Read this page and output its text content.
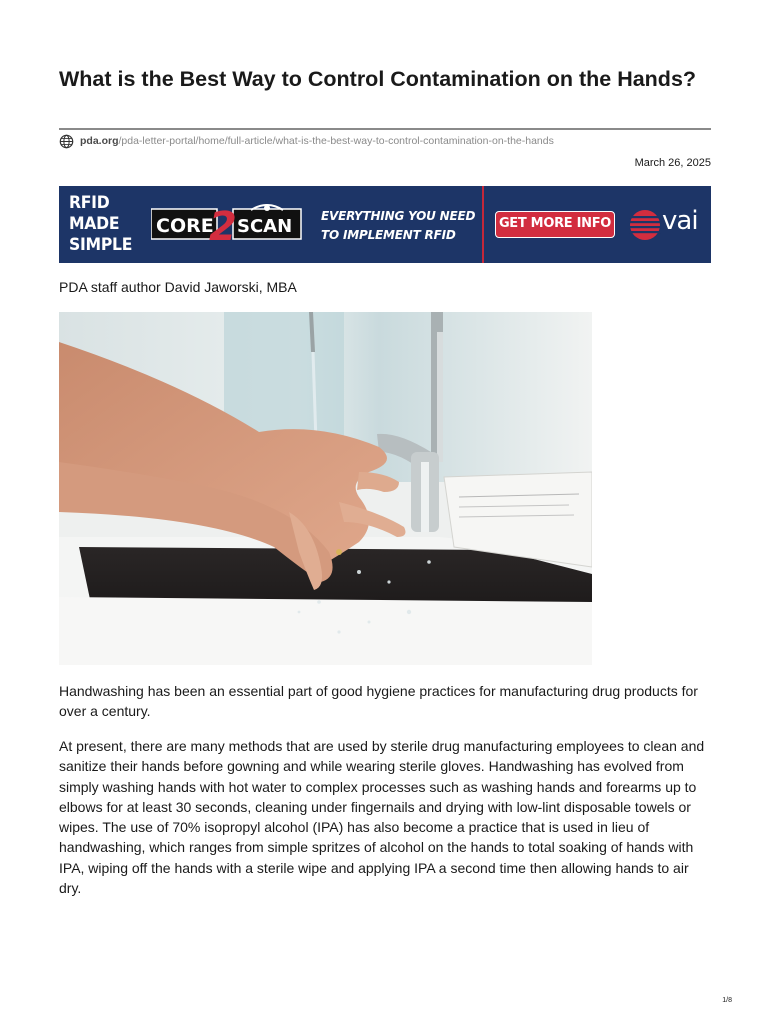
What is the Best Way to Control Contamination on the Hands?
pda.org/pda-letter-portal/home/full-article/what-is-the-best-way-to-control-contamination-on-the-hands
March 26, 2025
RFID
MADE
SIMPLE
CORE SCAN
2	EVERYTHING YOU NEED
TO IMPLEMENT RFID
GET MORE INFO vai
PDA staff author David Jaworski, MBA

Handwashing has been an essential part of good hygiene practices for manufacturing drug products for over a century.

At present, there are many methods that are used by sterile drug manufacturing employees to clean and sanitize their hands before gowning and while wearing sterile gloves. Handwashing has evolved from simply washing hands with hot water to complex processes such as washing hands and forearms up to elbows for at least 30 seconds, cleaning under fingernails and drying with low-lint disposable towels or wipes. The use of 70% isopropyl alcohol (IPA) has also become a practice that is used in lieu of handwashing, which ranges from simple spritzes of alcohol on the hands to total soaking of hands with IPA, wiping off the hands with a sterile wipe and applying IPA a second time then allowing hands to air dry.

1/8
